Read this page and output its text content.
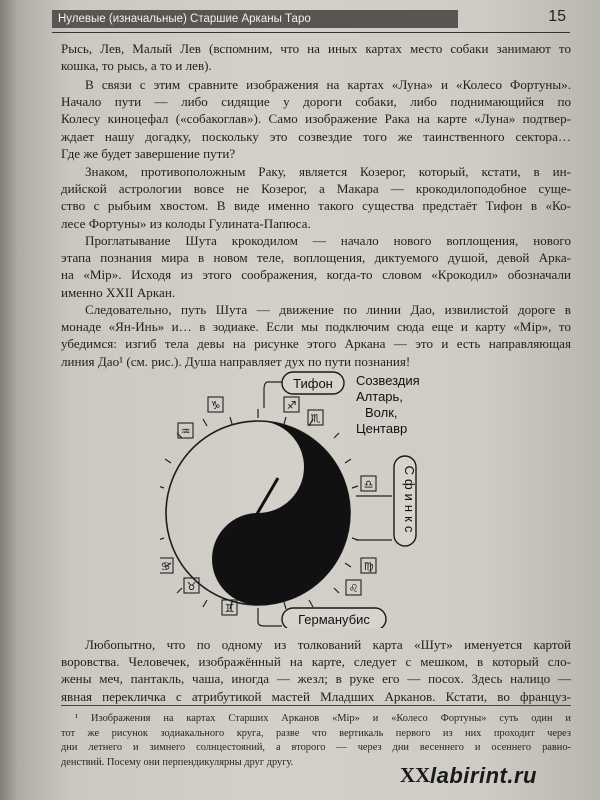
Нулевые (изначальные) Старшие Арканы Таро	15
Рысь, Лев, Малый Лев (вспомним, что на иных картах место собаки занимают то
кошка, то рысь, а то и лев).
В связи с этим сравните изображения на картах «Луна» и «Колесо Фортуны».
Начало пути — либо сидящие у дороги собаки, либо поднимающийся по
Колесу киноцефал («собакоглав»). Само изображение Рака на карте «Луна» подтвер-
ждает нашу догадку, поскольку это созвездие того же таинственного сектора…
Где же будет завершение пути?
Знаком, противоположным Раку, является Козерог, который, кстати, в ин-
дийской астрологии вовсе не Козерог, а Макара — крокодилоподобное суще-
ство с рыбьим хвостом. В виде именно такого существа предстаёт Тифон в «Ко-
лесе Фортуны» из колоды Гулината-Папюса.
Проглатывание Шута крокодилом — начало нового воплощения, нового
этапа познания мира в новом теле, воплощения, диктуемого душой, девой Арка-
на «Мір». Исходя из этого соображения, когда-то словом «Крокодил» обозначали
именно XXII Аркан.
Следовательно, путь Шута — движение по линии Дао, извилистой дороге в
монаде «Ян-Инь» и… в зодиаке. Если мы подключим сюда еще и карту «Мір», то
убедимся: изгиб тела девы на рисунке этого Аркана — это и есть направляющая
линия Дао¹ (см. рис.). Душа направляет дух по пути познания!
♐
♏
♑
♒
♎
♍
♌
♉
♊
♋
Тифон Созвездия
Алтарь,
Волк,
Центавр
Сфинкс
Германубис
Любопытно, что по одному из толкований карта «Шут» именуется картой
воровства. Человечек, изображённый на карте, следует с мешком, в который сло-
жены меч, пантакль, чаша, иногда — жезл; в руке его — посох. Здесь налицо —
явная перекличка с атрибутикой мастей Младших Арканов. Кстати, во француз-
¹ Изображения на картах Старших Арканов «Мір» и «Колесо Фортуны» суть один и
тот же рисунок зодиакального круга, разве что вертикаль первого из них проходит через
дни летнего и зимнего солнцестояний, а второго — через дни весеннего и осеннего равно-
денствий. Посему они перпендикулярны друг другу.
ХХ labirint.ru
